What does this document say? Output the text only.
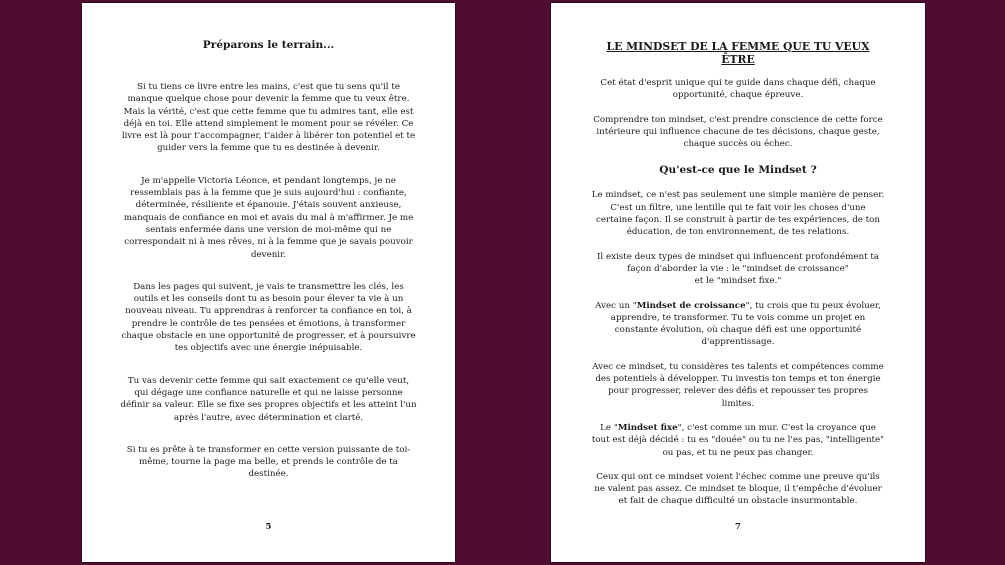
Préparons le terrain...

Si tu tiens ce livre entre les mains, c'est que tu sens qu'il te manque quelque chose pour devenir la femme que tu veux être. Mais la vérité, c'est que cette femme que tu admires tant, elle est déjà en toi. Elle attend simplement le moment pour se révéler. Ce livre est là pour t'accompagner, t'aider à libérer ton potentiel et te guider vers la femme que tu es destinée à devenir.

Je m'appelle Victoria Léonce, et pendant longtemps, je ne ressemblais pas à la femme que je suis aujourd'hui : confiante, déterminée, résiliente et épanouie. J'étais souvent anxieuse, manquais de confiance en moi et avais du mal à m'affirmer. Je me sentais enfermée dans une version de moi-même qui ne correspondait ni à mes rêves, ni à la femme que je savais pouvoir devenir.

Dans les pages qui suivent, je vais te transmettre les clés, les outils et les conseils dont tu as besoin pour élever ta vie à un nouveau niveau. Tu apprendras à renforcer ta confiance en toi, à prendre le contrôle de tes pensées et émotions, à transformer chaque obstacle en une opportunité de progresser, et à poursuivre tes objectifs avec une énergie inépuisable.

Tu vas devenir cette femme qui sait exactement ce qu'elle veut, qui dégage une confiance naturelle et qui ne laisse personne définir sa valeur. Elle se fixe ses propres objectifs et les atteint l'un après l'autre, avec détermination et clarté.

Si tu es prête à te transformer en cette version puissante de toi-même, tourne la page ma belle, et prends le contrôle de ta destinée.

5

LE MINDSET DE LA FEMME QUE TU VEUX ÊTRE

Cet état d'esprit unique qui te guide dans chaque défi, chaque opportunité, chaque épreuve.

Comprendre ton mindset, c'est prendre conscience de cette force intérieure qui influence chacune de tes décisions, chaque geste, chaque succès ou échec.

Qu'est-ce que le Mindset ?

Le mindset, ce n'est pas seulement une simple manière de penser. C'est un filtre, une lentille qui te fait voir les choses d'une certaine façon. Il se construit à partir de tes expériences, de ton éducation, de ton environnement, de tes relations.

Il existe deux types de mindset qui influencent profondément ta façon d'aborder la vie : le "mindset de croissance"
et le "mindset fixe."

Avec un "Mindset de croissance", tu crois que tu peux évoluer, apprendre, te transformer. Tu te vois comme un projet en constante évolution, où chaque défi est une opportunité d'apprentissage.

Avec ce mindset, tu considères tes talents et compétences comme des potentiels à développer. Tu investis ton temps et ton énergie pour progresser, relever des défis et repousser tes propres limites.

Le "Mindset fixe", c'est comme un mur. C'est la croyance que tout est déjà décidé : tu es "douée" ou tu ne l'es pas, "intelligente" ou pas, et tu ne peux pas changer.

Ceux qui ont ce mindset voient l'échec comme une preuve qu'ils ne valent pas assez. Ce mindset te bloque, il t'empêche d'évoluer et fait de chaque difficulté un obstacle insurmontable.

7
